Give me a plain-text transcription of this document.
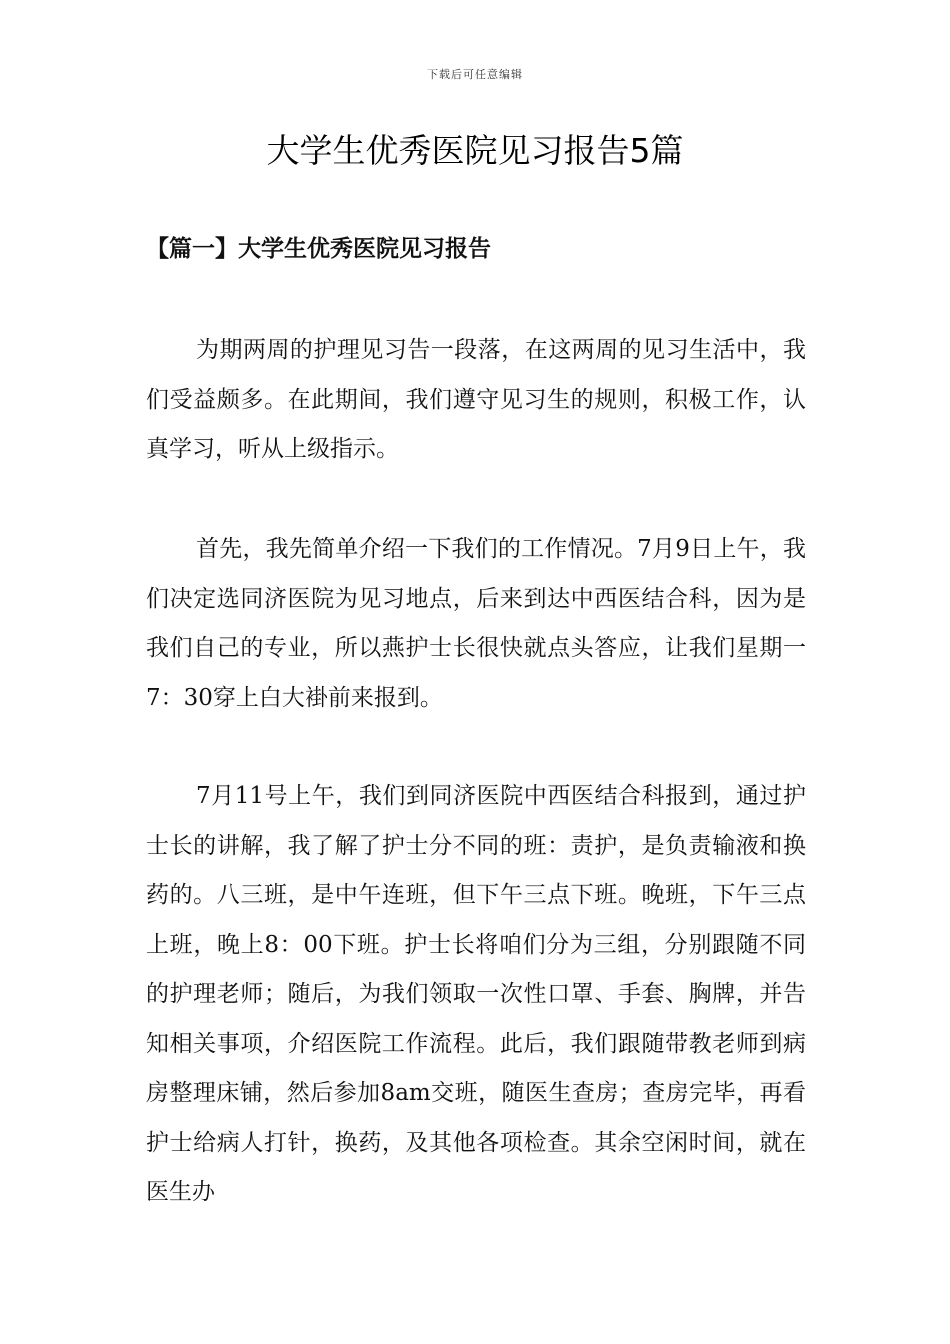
下载后可任意编辑
大学生优秀医院见习报告5篇
【篇一】大学生优秀医院见习报告

为期两周的护理见习告一段落，在这两周的见习生活中，我们受益颇多。在此期间，我们遵守见习生的规则，积极工作，认真学习，听从上级指示。

首先，我先简单介绍一下我们的工作情况。7月9日上午，我们决定选同济医院为见习地点，后来到达中西医结合科，因为是我们自己的专业，所以燕护士长很快就点头答应，让我们星期一7：30穿上白大褂前来报到。

7月11号上午，我们到同济医院中西医结合科报到，通过护士长的讲解，我了解了护士分不同的班：责护，是负责输液和换药的。八三班，是中午连班，但下午三点下班。晚班，下午三点上班，晚上8：00下班。护士长将咱们分为三组，分别跟随不同的护理老师；随后，为我们领取一次性口罩、手套、胸牌，并告知相关事项，介绍医院工作流程。此后，我们跟随带教老师到病房整理床铺，然后参加8am交班，随医生查房；查房完毕，再看护士给病人打针，换药，及其他各项检查。其余空闲时间，就在医生办
